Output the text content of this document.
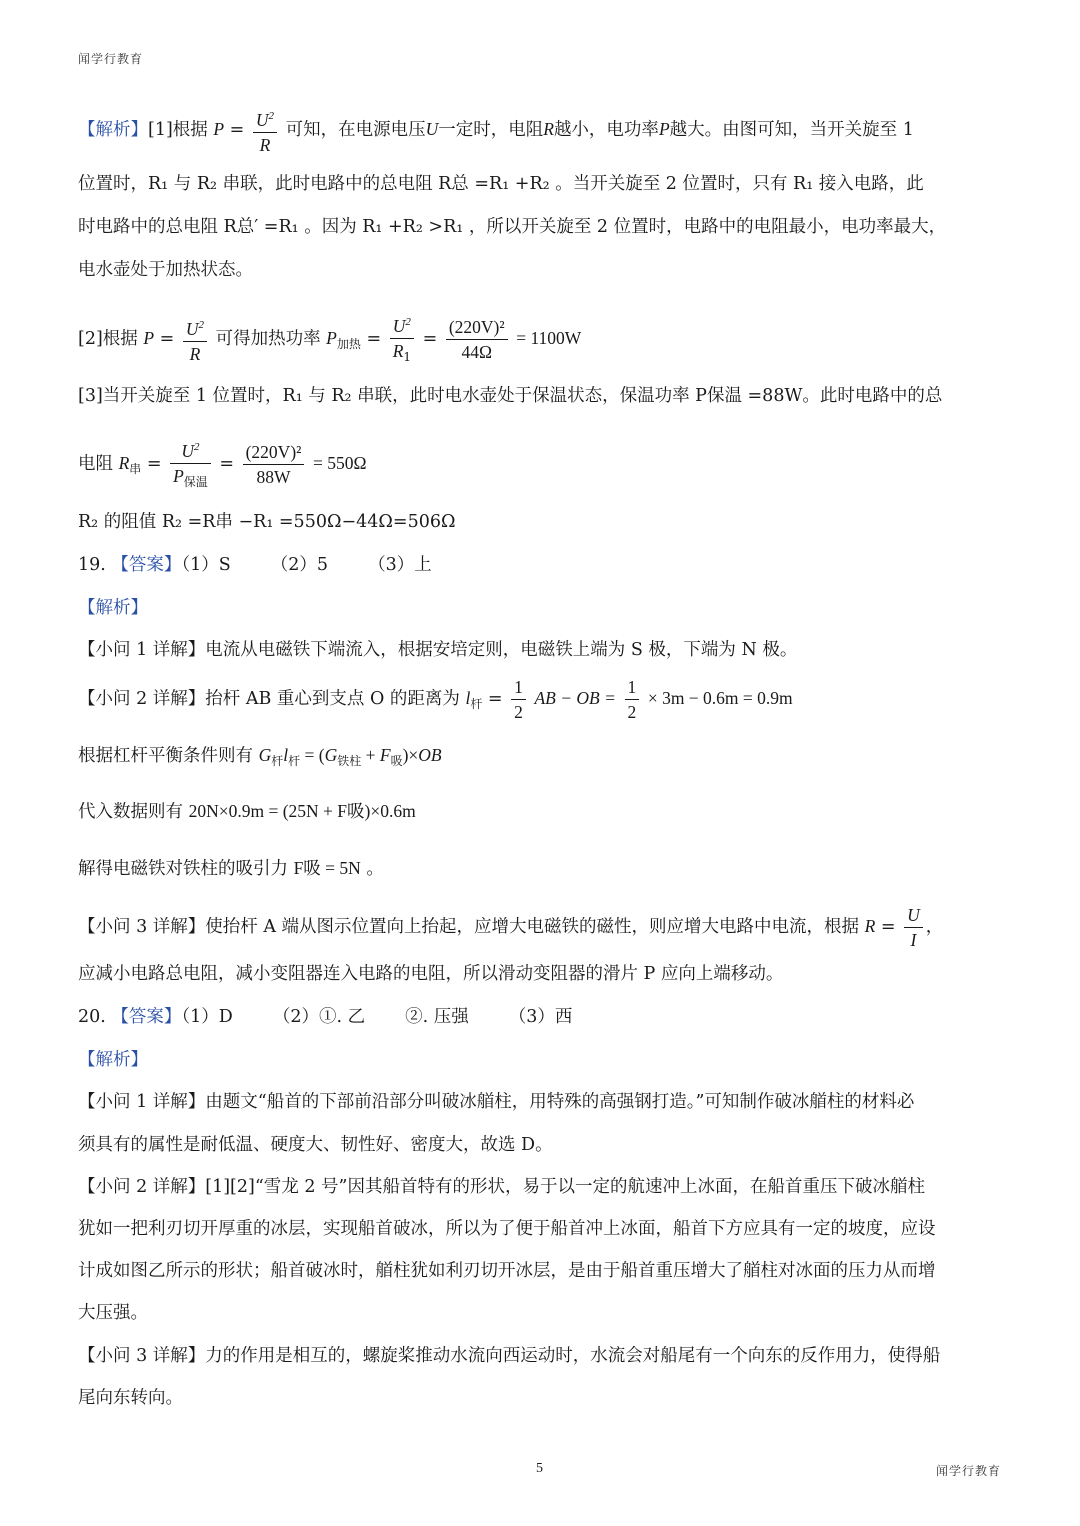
闻学行教育
【解析】[1]根据 $P = \frac{U^2}{R}$ 可知，在电源电压U一定时，电阻R越小，电功率P越大。由图可知，当开关旋至 1
位置时，R₁ 与 R₂ 串联，此时电路中的总电阻 R总 =R₁ +R₂ 。当开关旋至 2 位置时，只有 R₁ 接入电路，此
时电路中的总电阻 R总′ =R₁ 。因为 R₁ +R₂ >R₁ ，所以开关旋至 2 位置时，电路中的电阻最小，电功率最大，
电水壶处于加热状态。
[2]根据 $P = \frac{U^2}{R}$ 可得加热功率 $P_{加热} = \frac{U^2}{R_1} = \frac{\text{(220V)²}}{44\Omega} = 1100W$
[3]当开关旋至 1 位置时，R₁ 与 R₂ 串联，此时电水壶处于保温状态，保温功率 P保温 =88W。此时电路中的总
电阻 $R_串 = \frac{U^2}{P_{保温}} = \frac{\text{(220V)²}}{88W} = 550\Omega$
R₂ 的阻值 R₂ =R串 −R₁ =550Ω−44Ω=506Ω
19. 【答案】（1）S （2）5 （3）上
【解析】
【小问 1 详解】电流从电磁铁下端流入，根据安培定则，电磁铁上端为 S 极，下端为 N 极。
【小问 2 详解】抬杆 AB 重心到支点 O 的距离为 $l_杆 = \frac{1}{2}$ AB − OB = $\frac{1}{2} \times 3m - 0.6m = 0.9m$
根据杠杆平衡条件则有 $G_杆l_杆 = (G_{铁柱} + F_吸)\times OB$
代入数据则有 20N×0.9m = (25N + F吸)×0.6m
解得电磁铁对铁柱的吸引力 F吸 = 5N 。
【小问 3 详解】使抬杆 A 端从图示位置向上抬起，应增大电磁铁的磁性，则应增大电路中电流，根据 $R = \frac{U}{I}$ ，
应减小电路总电阻，减小变阻器连入电路的电阻，所以滑动变阻器的滑片 P 应向上端移动。
20. 【答案】（1）D （2）①. 乙 ②. 压强 （3）西
【解析】
【小问 1 详解】由题文“船首的下部前沿部分叫破冰艏柱，用特殊的高强钢打造。”可知制作破冰艏柱的材料必
须具有的属性是耐低温、硬度大、韧性好、密度大，故选 D。
【小问 2 详解】[1][2]“雪龙 2 号”因其船首特有的形状，易于以一定的航速冲上冰面，在船首重压下破冰艏柱
犹如一把利刃切开厚重的冰层，实现船首破冰，所以为了便于船首冲上冰面，船首下方应具有一定的坡度，应设
计成如图乙所示的形状；船首破冰时，艏柱犹如利刃切开冰层，是由于船首重压增大了艏柱对冰面的压力从而增
大压强。
【小问 3 详解】力的作用是相互的，螺旋桨推动水流向西运动时，水流会对船尾有一个向东的反作用力，使得船
尾向东转向。
5	闻学行教育
